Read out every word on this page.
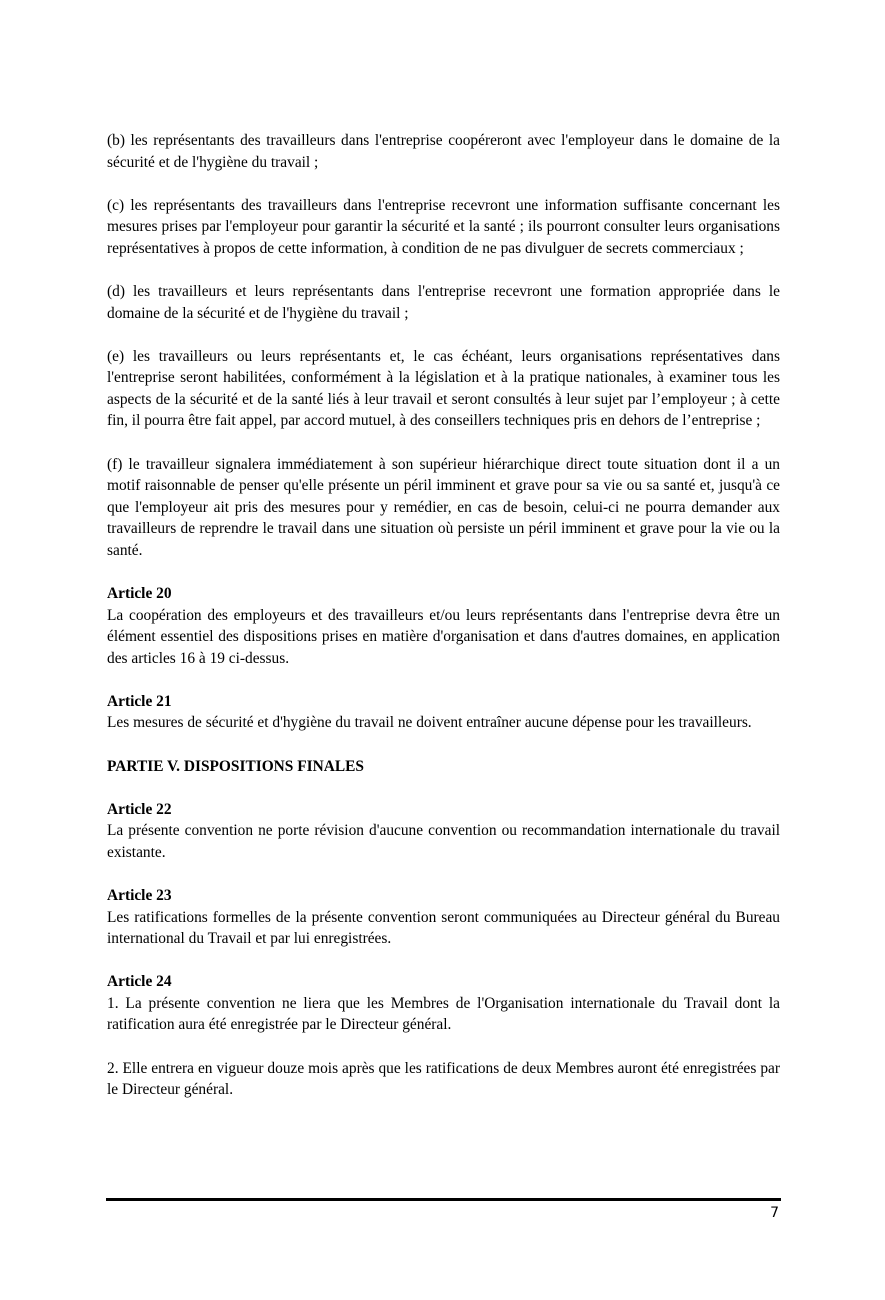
(b) les représentants des travailleurs dans l'entreprise coopéreront avec l'employeur dans le domaine de la sécurité et de l'hygiène du travail ;

(c) les représentants des travailleurs dans l'entreprise recevront une information suffisante concernant les mesures prises par l'employeur pour garantir la sécurité et la santé ; ils pourront consulter leurs organisations représentatives à propos de cette information, à condition de ne pas divulguer de secrets commerciaux ;

(d) les travailleurs et leurs représentants dans l'entreprise recevront une formation appropriée dans le domaine de la sécurité et de l'hygiène du travail ;

(e) les travailleurs ou leurs représentants et, le cas échéant, leurs organisations représentatives dans l'entreprise seront habilitées, conformément à la législation et à la pratique nationales, à examiner tous les aspects de la sécurité et de la santé liés à leur travail et seront consultés à leur sujet par l’employeur ; à cette fin, il pourra être fait appel, par accord mutuel, à des conseillers techniques pris en dehors de l’entreprise ;

(f) le travailleur signalera immédiatement à son supérieur hiérarchique direct toute situation dont il a un motif raisonnable de penser qu'elle présente un péril imminent et grave pour sa vie ou sa santé et, jusqu'à ce que l'employeur ait pris des mesures pour y remédier, en cas de besoin, celui-ci ne pourra demander aux travailleurs de reprendre le travail dans une situation où persiste un péril imminent et grave pour la vie ou la santé.

Article 20

La coopération des employeurs et des travailleurs et/ou leurs représentants dans l'entreprise devra être un élément essentiel des dispositions prises en matière d'organisation et dans d'autres domaines, en application des articles 16 à 19 ci-dessus.

Article 21

Les mesures de sécurité et d'hygiène du travail ne doivent entraîner aucune dépense pour les travailleurs.

PARTIE V. DISPOSITIONS FINALES

Article 22

La présente convention ne porte révision d'aucune convention ou recommandation internationale du travail existante.

Article 23

Les ratifications formelles de la présente convention seront communiquées au Directeur général du Bureau international du Travail et par lui enregistrées.

Article 24

1. La présente convention ne liera que les Membres de l'Organisation internationale du Travail dont la ratification aura été enregistrée par le Directeur général.

2. Elle entrera en vigueur douze mois après que les ratifications de deux Membres auront été enregistrées par le Directeur général.

7
